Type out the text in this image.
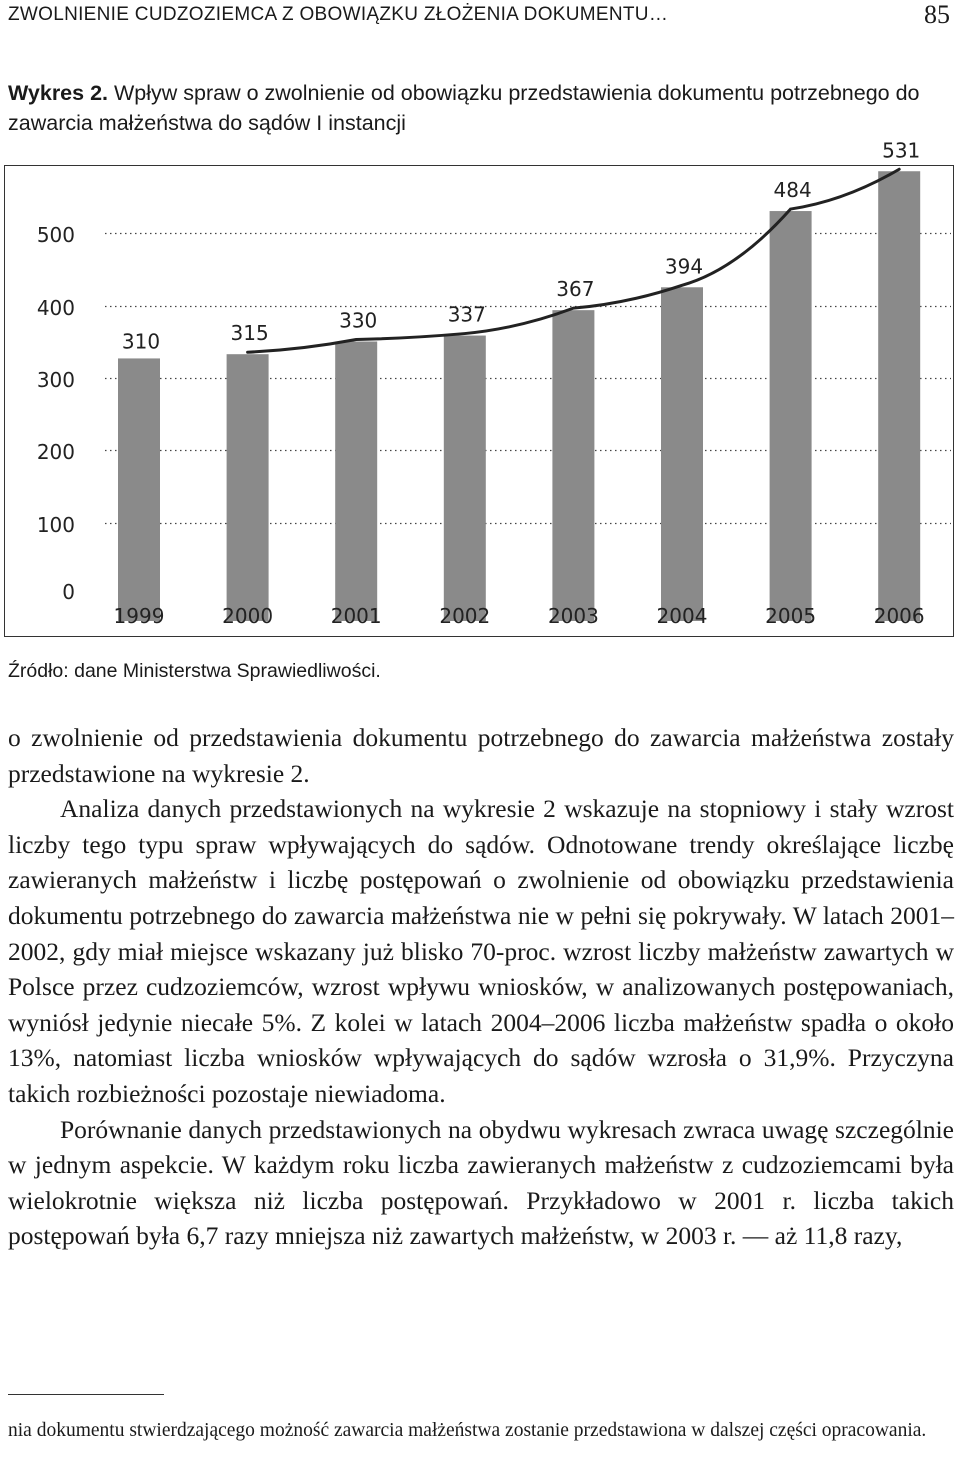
ZWOLNIENIE CUDZOZIEMCA Z OBOWIĄZKU ZŁOŻENIA DOKUMENTU…	85
Wykres 2. Wpływ spraw o zwolnienie od obowiązku przedstawienia dokumentu potrzebnego do zawarcia małżeństwa do sądów I instancji
0
100
200
300
400
500
1999	2000	2001	2002	2003	2004	2005	2006
310	315
330	337
367
394
484
531
Źródło: dane Ministerstwa Sprawiedliwości.

o zwolnienie od przedstawienia dokumentu potrzebnego do zawarcia małżeństwa zostały przedstawione na wykresie 2.

Analiza danych przedstawionych na wykresie 2 wskazuje na stopniowy i stały wzrost liczby tego typu spraw wpływających do sądów. Odnotowane trendy określające liczbę zawieranych małżeństw i liczbę postępowań o zwolnienie od obowiązku przedstawienia dokumentu potrzebnego do zawarcia małżeństwa nie w pełni się pokrywały. W latach 2001–2002, gdy miał miejsce wskazany już blisko 70-proc. wzrost liczby małżeństw zawartych w Polsce przez cudzoziemców, wzrost wpływu wniosków, w analizowanych postępowaniach, wyniósł jedynie niecałe 5%. Z kolei w latach 2004–2006 liczba małżeństw spadła o około 13%, natomiast liczba wniosków wpływających do sądów wzrosła o 31,9%. Przyczyna takich rozbieżności pozostaje niewiadoma.

Porównanie danych przedstawionych na obydwu wykresach zwraca uwagę szczególnie w jednym aspekcie. W każdym roku liczba zawieranych małżeństw z cudzoziemcami była wielokrotnie większa niż liczba postępowań. Przykładowo w 2001 r. liczba takich postępowań była 6,7 razy mniejsza niż zawartych małżeństw, w 2003 r. — aż 11,8 razy,

nia dokumentu stwierdzającego możność zawarcia małżeństwa zostanie przedstawiona w dalszej części opracowania.
